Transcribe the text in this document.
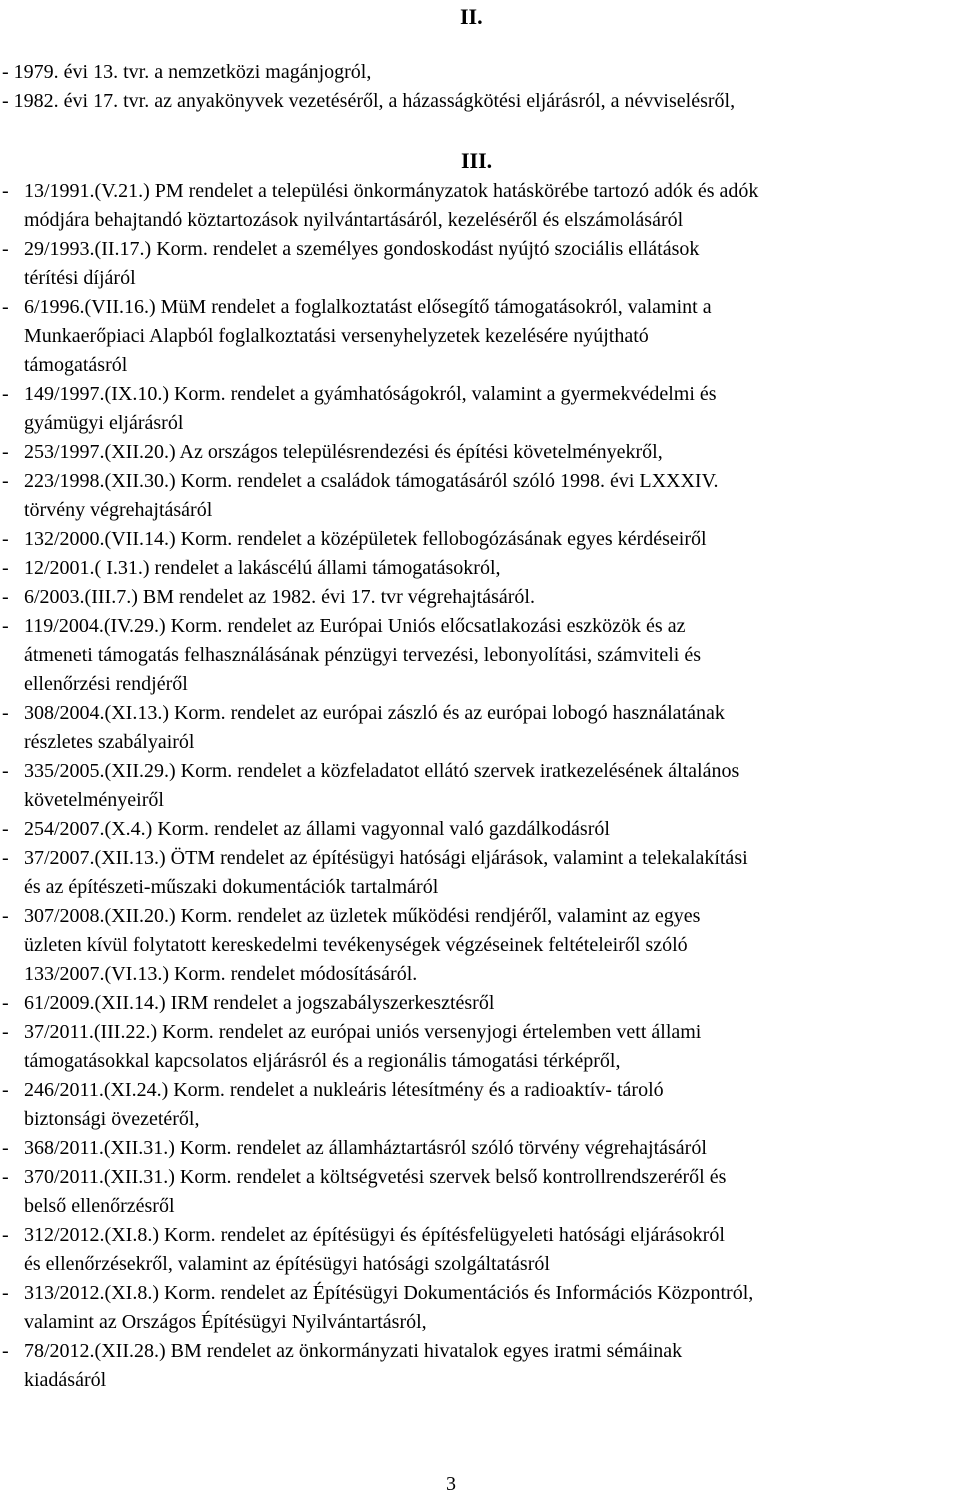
II.
- 1979. évi 13. tvr. a nemzetközi magánjogról,
- 1982. évi 17. tvr. az anyakönyvek vezetéséről, a házasságkötési eljárásról, a névviselésről,
III.
- 13/1991.(V.21.) PM rendelet a települési önkormányzatok hatáskörébe tartozó adók és adók
módjára behajtandó köztartozások nyilvántartásáról, kezeléséről és elszámolásáról
- 29/1993.(II.17.) Korm. rendelet a személyes gondoskodást nyújtó szociális ellátások
térítési díjáról
- 6/1996.(VII.16.) MüM rendelet a foglalkoztatást elősegítő támogatásokról, valamint a
Munkaerőpiaci Alapból foglalkoztatási versenyhelyzetek kezelésére nyújtható
támogatásról
- 149/1997.(IX.10.) Korm. rendelet a gyámhatóságokról, valamint a gyermekvédelmi és
gyámügyi eljárásról
- 253/1997.(XII.20.) Az országos településrendezési és építési követelményekről,
- 223/1998.(XII.30.) Korm. rendelet a családok támogatásáról szóló 1998. évi LXXXIV.
törvény végrehajtásáról
- 132/2000.(VII.14.) Korm. rendelet a középületek fellobogózásának egyes kérdéseiről
- 12/2001.( I.31.) rendelet a lakáscélú állami támogatásokról,
- 6/2003.(III.7.) BM rendelet az 1982. évi 17. tvr végrehajtásáról.
- 119/2004.(IV.29.) Korm. rendelet az Európai Uniós előcsatlakozási eszközök és az
átmeneti támogatás felhasználásának pénzügyi tervezési, lebonyolítási, számviteli és
ellenőrzési rendjéről
- 308/2004.(XI.13.) Korm. rendelet az európai zászló és az európai lobogó használatának
részletes szabályairól
- 335/2005.(XII.29.) Korm. rendelet a közfeladatot ellátó szervek iratkezelésének általános
követelményeiről
- 254/2007.(X.4.) Korm. rendelet az állami vagyonnal való gazdálkodásról
- 37/2007.(XII.13.) ÖTM rendelet az építésügyi hatósági eljárások, valamint a telekalakítási
és az építészeti-műszaki dokumentációk tartalmáról
- 307/2008.(XII.20.) Korm. rendelet az üzletek működési rendjéről, valamint az egyes
üzleten kívül folytatott kereskedelmi tevékenységek végzéseinek feltételeiről szóló
133/2007.(VI.13.) Korm. rendelet módosításáról.
- 61/2009.(XII.14.) IRM rendelet a jogszabályszerkesztésről
- 37/2011.(III.22.) Korm. rendelet az európai uniós versenyjogi értelemben vett állami
támogatásokkal kapcsolatos eljárásról és a regionális támogatási térképről,
- 246/2011.(XI.24.) Korm. rendelet a nukleáris létesítmény és a radioaktív- tároló
biztonsági övezetéről,
- 368/2011.(XII.31.) Korm. rendelet az államháztartásról szóló törvény végrehajtásáról
- 370/2011.(XII.31.) Korm. rendelet a költségvetési szervek belső kontrollrendszeréről és
belső ellenőrzésről
- 312/2012.(XI.8.) Korm. rendelet az építésügyi és építésfelügyeleti hatósági eljárásokról
és ellenőrzésekről, valamint az építésügyi hatósági szolgáltatásról
- 313/2012.(XI.8.) Korm. rendelet az Építésügyi Dokumentációs és Információs Központról,
valamint az Országos Építésügyi Nyilvántartásról,
- 78/2012.(XII.28.) BM rendelet az önkormányzati hivatalok egyes iratmi sémáinak
kiadásáról
3
